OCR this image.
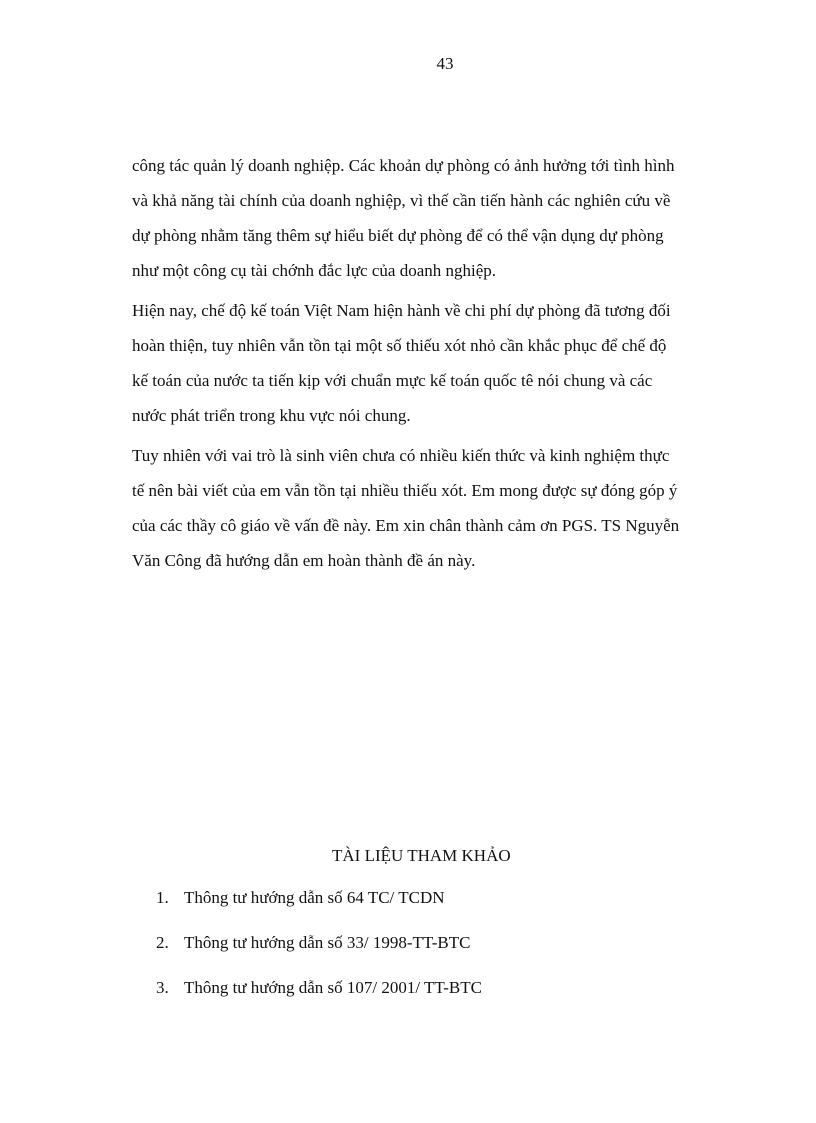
43

công tác quản lý doanh nghiệp. Các khoản dự phòng có ảnh hưởng tới tình hình
và khả năng tài chính của doanh nghiệp, vì thế cần tiến hành các nghiên cứu về
dự phòng nhằm tăng thêm sự hiểu biết dự phòng để có thể vận dụng dự phòng
như một công cụ tài chớnh đắc lực của doanh nghiệp.

Hiện nay, chế độ kế toán Việt Nam hiện hành về chi phí dự phòng đã tương đối
hoàn thiện, tuy nhiên vẫn tồn tại một số thiếu xót nhỏ cần khắc phục để chế độ
kế toán của nước ta tiến kịp với chuẩn mực kế toán quốc tê nói chung và các
nước phát triển trong khu vực nói chung.

Tuy nhiên với vai trò là sinh viên chưa có nhiều kiến thức và kinh nghiệm thực
tế nên bài viết của em vẫn tồn tại nhiều thiếu xót. Em mong được sự đóng góp ý
của các thầy cô giáo về vấn đề này. Em xin chân thành cảm ơn PGS. TS Nguyễn
Văn Công đã hướng dẫn em hoàn thành đề án này.

TÀI LIỆU THAM KHẢO
1. Thông tư hướng dẫn số 64 TC/ TCDN
2. Thông tư hướng dẫn số 33/ 1998-TT-BTC
3. Thông tư hướng dẫn số 107/ 2001/ TT-BTC
